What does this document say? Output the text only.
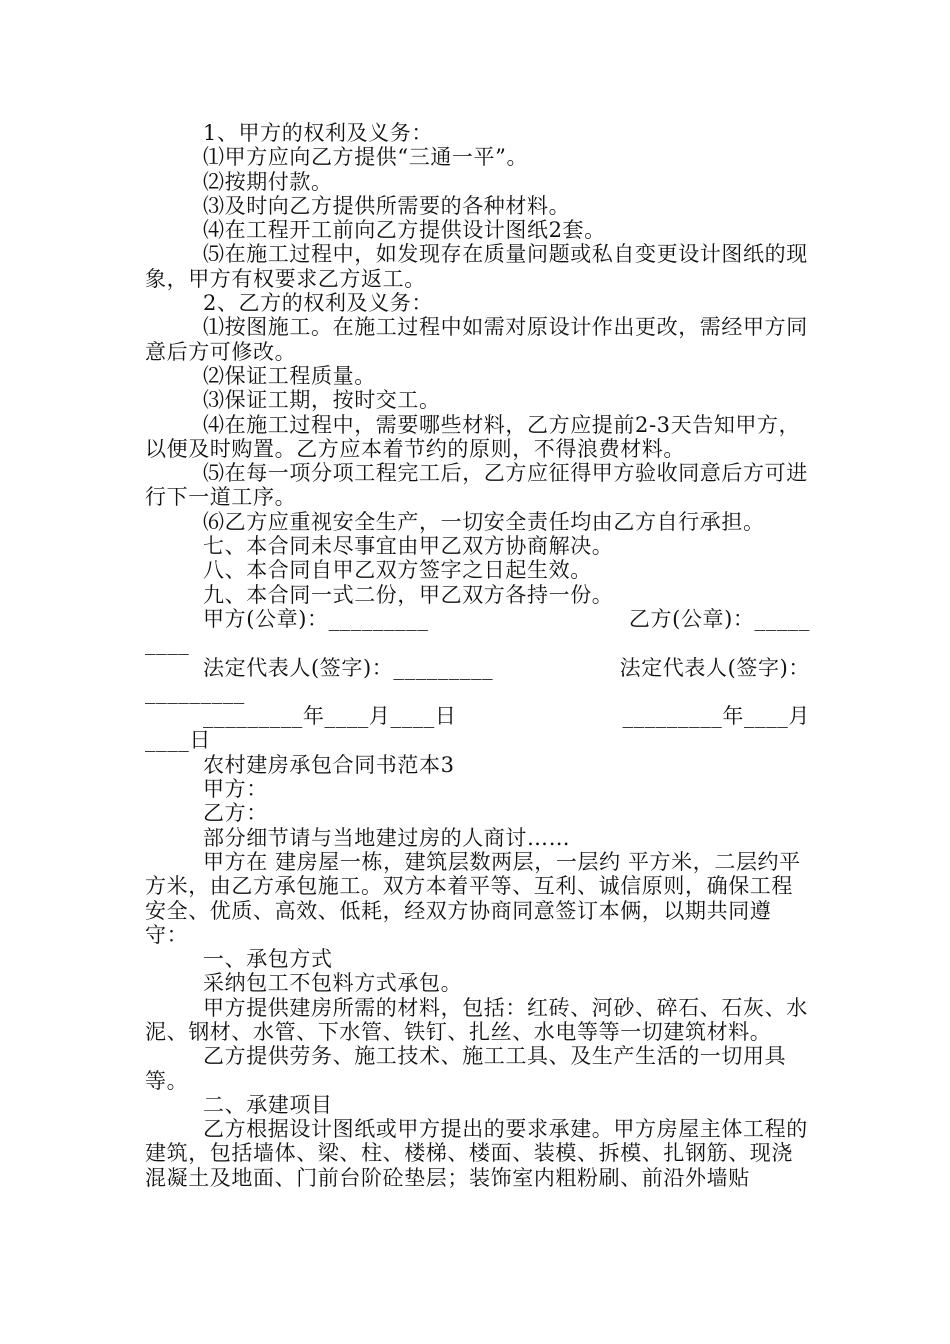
1、甲方的权利及义务：

⑴甲方应向乙方提供“三通一平”。

⑵按期付款。

⑶及时向乙方提供所需要的各种材料。

⑷在工程开工前向乙方提供设计图纸2套。

⑸在施工过程中，如发现存在质量问题或私自变更设计图纸的现象，甲方有权要求乙方返工。

2、乙方的权利及义务：

⑴按图施工。在施工过程中如需对原设计作出更改，需经甲方同意后方可修改。

⑵保证工程质量。

⑶保证工期，按时交工。

⑷在施工过程中，需要哪些材料，乙方应提前2-3天告知甲方，以便及时购置。乙方应本着节约的原则，不得浪费材料。

⑸在每一项分项工程完工后，乙方应征得甲方验收同意后方可进行下一道工序。

⑹乙方应重视安全生产，一切安全责任均由乙方自行承担。

七、本合同未尽事宜由甲乙双方协商解决。

八、本合同自甲乙双方签字之日起生效。

九、本合同一式二份，甲乙双方各持一份。

甲方(公章)：_________	乙方(公章)：_____
____
法定代表人(签字)：_________	法定代表人(签字)：
_________
_________年____月____日	_________年____月
____日

农村建房承包合同书范本3

甲方：

乙方：

部分细节请与当地建过房的人商讨……

甲方在 建房屋一栋，建筑层数两层，一层约 平方米，二层约平方米，由乙方承包施工。双方本着平等、互利、诚信原则，确保工程安全、优质、高效、低耗，经双方协商同意签订本俩，以期共同遵守：

一、承包方式

采纳包工不包料方式承包。

甲方提供建房所需的材料，包括：红砖、河砂、碎石、石灰、水泥、钢材、水管、下水管、铁钉、扎丝、水电等等一切建筑材料。

乙方提供劳务、施工技术、施工工具、及生产生活的一切用具等。

二、承建项目

乙方根据设计图纸或甲方提出的要求承建。甲方房屋主体工程的建筑，包括墙体、梁、柱、楼梯、楼面、装模、拆模、扎钢筋、现浇混凝土及地面、门前台阶砼垫层；装饰室内粗粉刷、前沿外墙贴
